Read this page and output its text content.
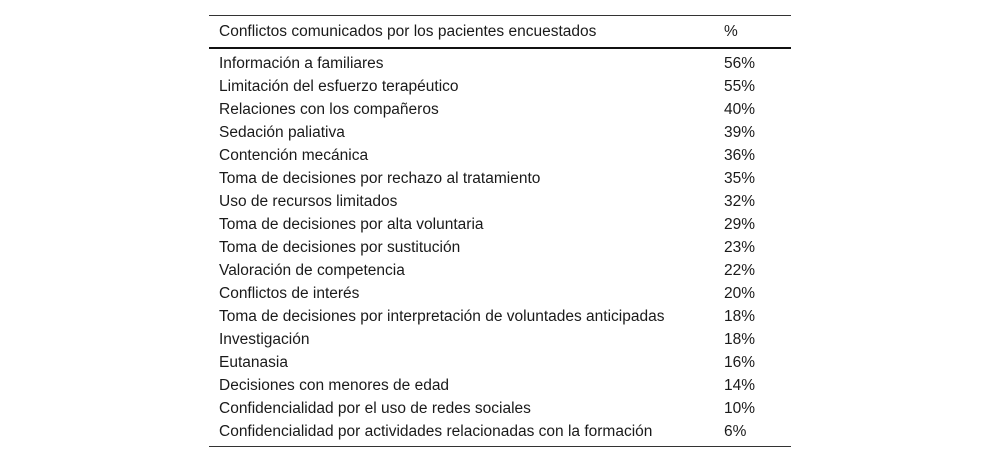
Conflictos comunicados por los pacientes encuestados	%
Información a familiares	56%
Limitación del esfuerzo terapéutico	55%
Relaciones con los compañeros	40%
Sedación paliativa	39%
Contención mecánica	36%
Toma de decisiones por rechazo al tratamiento	35%
Uso de recursos limitados	32%
Toma de decisiones por alta voluntaria	29%
Toma de decisiones por sustitución	23%
Valoración de competencia	22%
Conflictos de interés	20%
Toma de decisiones por interpretación de voluntades anticipadas	18%
Investigación	18%
Eutanasia	16%
Decisiones con menores de edad	14%
Confidencialidad por el uso de redes sociales	10%
Confidencialidad por actividades relacionadas con la formación	6%
